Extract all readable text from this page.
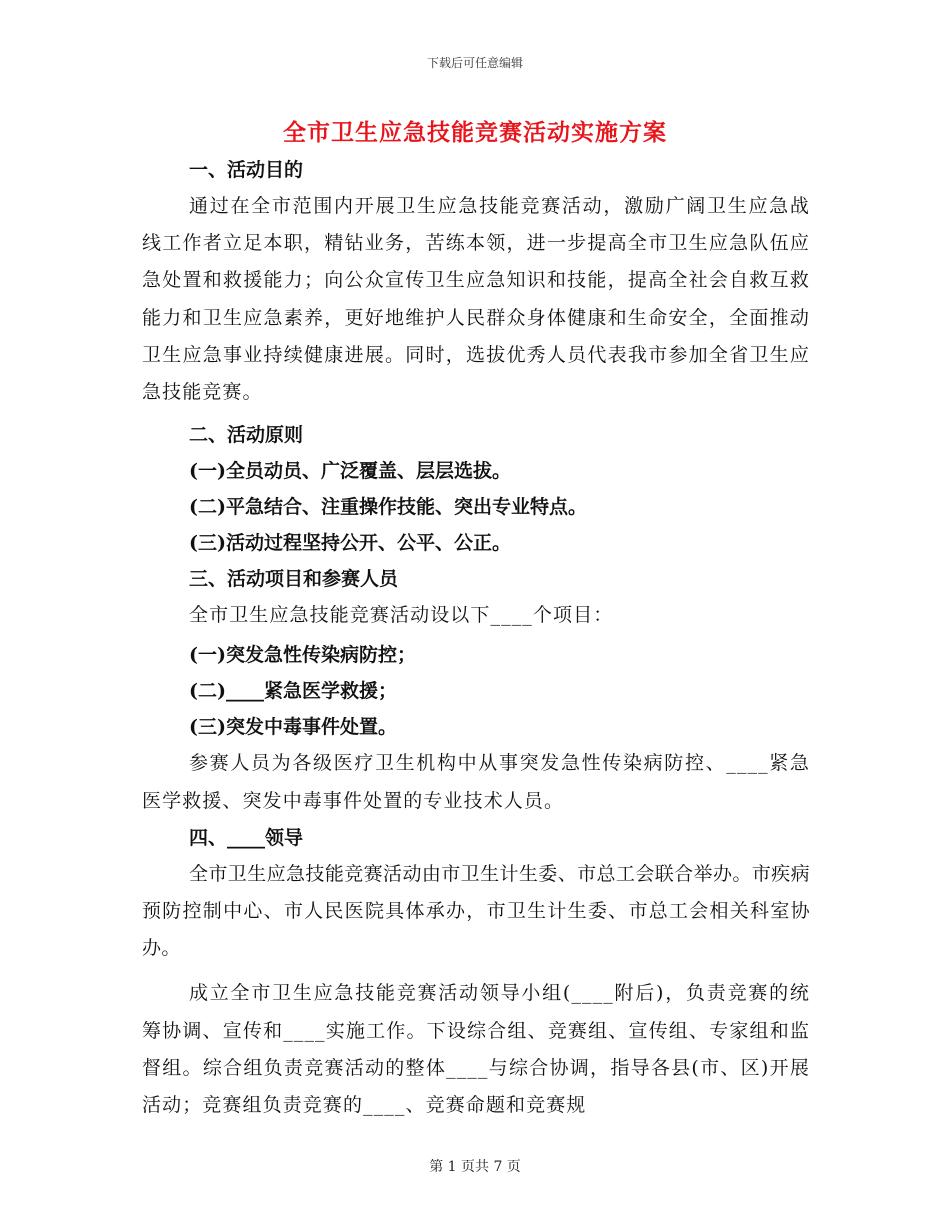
下载后可任意编辑
全市卫生应急技能竞赛活动实施方案
一、活动目的

通过在全市范围内开展卫生应急技能竞赛活动，激励广阔卫生应急战线工作者立足本职，精钻业务，苦练本领，进一步提高全市卫生应急队伍应急处置和救援能力；向公众宣传卫生应急知识和技能，提高全社会自救互救能力和卫生应急素养，更好地维护人民群众身体健康和生命安全，全面推动卫生应急事业持续健康进展。同时，选拔优秀人员代表我市参加全省卫生应急技能竞赛。

二、活动原则
(一)全员动员、广泛覆盖、层层选拔。
(二)平急结合、注重操作技能、突出专业特点。
(三)活动过程坚持公开、公平、公正。
三、活动项目和参赛人员

全市卫生应急技能竞赛活动设以下____个项目：

(一)突发急性传染病防控；
(二)____紧急医学救援；
(三)突发中毒事件处置。

参赛人员为各级医疗卫生机构中从事突发急性传染病防控、____紧急医学救援、突发中毒事件处置的专业技术人员。

四、____领导

全市卫生应急技能竞赛活动由市卫生计生委、市总工会联合举办。市疾病预防控制中心、市人民医院具体承办，市卫生计生委、市总工会相关科室协办。

成立全市卫生应急技能竞赛活动领导小组(____附后)，负责竞赛的统筹协调、宣传和____实施工作。下设综合组、竞赛组、宣传组、专家组和监督组。综合组负责竞赛活动的整体____与综合协调，指导各县(市、区)开展活动；竞赛组负责竞赛的____、竞赛命题和竞赛规

第 1 页共 7 页
